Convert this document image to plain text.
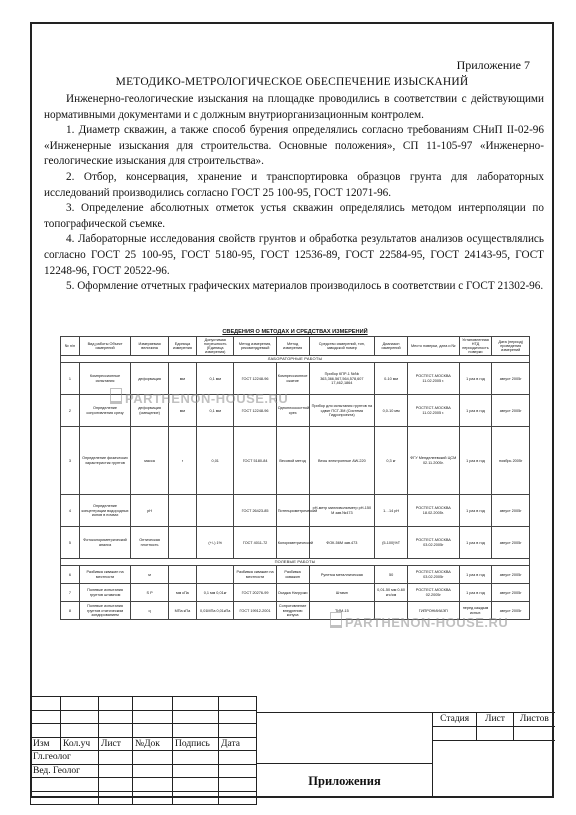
Приложение 7
МЕТОДИКО-МЕТРОЛОГИЧЕСКОЕ ОБЕСПЕЧЕНИЕ ИЗЫСКАНИЙ

Инженерно-геологические изыскания на площадке проводились в соответствии с действующими нормативными документами и с должным внутриорганизационным контролем.

1. Диаметр скважин, а также способ бурения определялись согласно требованиям СНиП II-02-96 «Инженерные изыскания для строительства. Основные положения», СП 11-105-97 «Инженерно-геологические изыскания для строительства».

2. Отбор, консервация, хранение и транспортировка образцов грунта для лабораторных исследований производились согласно ГОСТ 25 100-95, ГОСТ 12071-96.

3. Определение абсолютных отметок устья скважин определялись методом интерполяции по топографической съемке.

4. Лабораторные исследования свойств грунтов и обработка результатов анализов осуществлялись согласно ГОСТ 25 100-95, ГОСТ 5180-95, ГОСТ 12536-89, ГОСТ 22584-95, ГОСТ 24143-95, ГОСТ 12248-96, ГОСТ 20522-96.

5. Оформление отчетных графических материалов производилось в соответствии с ГОСТ 21302-96.

СВЕДЕНИЯ О МЕТОДАХ И СРЕДСТВАХ ИЗМЕРЕНИЙ
№ п/п	Вид работы Объект измерений	Измеряемая величина	Единица измерения	Допустимая погрешность (Единица измерения)	Метод измерения, рекомендуемый	Метод измерения	Средство измерений, тип, заводской номер	Диапазон измерений	Место поверки, дата и №	Установленная НТД периодичность поверки	Дата (период) проведения измерений
ЛАБОРАТОРНЫЕ РАБОТЫ											
1	Компрессионные испытания	деформация	мм	0,1 мм	ГОСТ 12248-96	Компрессионное сжатие	Прибор КПР-1 №№ 363,366,567,564,578,607 17,462,1864	0-10 мм	РОСТЕСТ-МОСКВА 11.02.2005 г.	1 раз в год	август 2005г
2	Определение сопротивления срезу	деформация (смещение)	мм	0,1 мм	ГОСТ 12248-96	Одноплоскостной срез	Прибор для испытания грунтов на сдвиг ПСГ-3М (Система Гидропроекта)	0,0-10 мм	РОСТЕСТ-МОСКВА 11.02.2005 г.	1 раз в год	август 2005г
3	Определение физических характеристик грунтов	масса	г	0,01	ГОСТ 5180-84	Весовой метод	Весы электронные AW-220	0,3 кг	ФГУ Менделеевский ЦСМ 02.11.2005г.	1 раз в год	ноябрь 2005г
4	Определение концентрации водородных ионов в почвах	pH			ГОСТ 26423-85	Потенциометрический	pH-метр милливольтметр pH-150 М зав.№473	1…14 pH	РОСТЕСТ-МОСКВА 18.02.2005г.	1 раз в год	август 2005г
5	Фотоколориметрический анализ	Оптическая плотность		(+/-) 1%	ГОСТ 4011-72	Колориметрический	ФОК-56М зав.473	(5-100)%Т	РОСТЕСТ-МОСКВА 03.02.2005г	1 раз в год	август 2005г
ПОЛЕВЫЕ РАБОТЫ											
6	Разбивка скважин на местности	м			Разбивка скважин на местности	Разбивка скважин	Рулетка металлическая	50	РОСТЕСТ-МОСКВА 03.02.2005г	1 раз в год	август 2005г
7	Полевые испытания грунтов штампом	S P	мм кПа	0,1 мм 0,01кг	ГОСТ 20276-99	Осадка Нагрузки	Штамп	0,01-50 мм 0-60 кгс/см	РОСТЕСТ-МОСКВА 02.2005г	1 раз в год	август 2005г
8	Полевые испытания грунтов статическим зондированием	q	МПа кПа	0,01МПа 0,01кПа	ГОСТ 19912-2001	Сопротивление внедрению конуса	ТИМ-15		ГИПРОНИИАЭП	перед каждым испыт.	август 2005г
PARTHENON-HOUSE.RU
PARTHENON-HOUSE.RU

Изм	Кол.уч	Лист	№Док	Подпись	Дата
Гл.геолог					
Вед. Геолог					

Стадия	Лист	Листов
Приложения
